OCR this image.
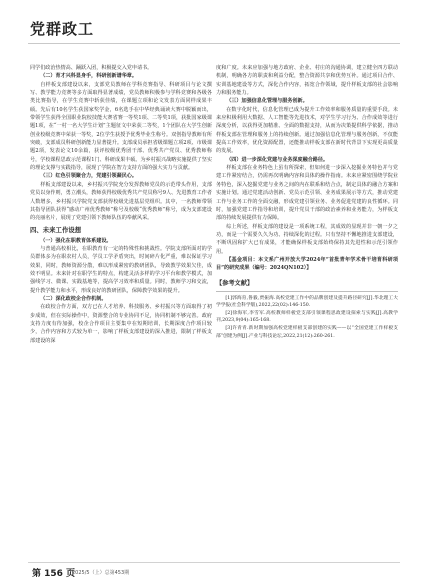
党群政工

同学们政治热情高、踊跃入团，积极提交入党申请书。

（二）育才兴科显身手，科研创新谱华章。

自样板支部建设以来，支部党员教师在学科竞赛指导、科研项目与论文撰写、教学能力竞赛等多方面取得显著成绩，党员教师积极参与学科竞赛和各级各类比赛指导，在学生竞赛中斩获佳绩，在课题立项和论文发表方面同样成果丰硕。先后有10名学生获国家奖学金，6名选手在中华经典诵读大赛中脱颖而出，带领学生获得全国职业院校技能大赛省赛一等奖1项、二等奖1项，获批国家级课题1项，在“一村一名大学生计划”主题征文中荣获二等奖，1个团队在大学生创新创业校级竞赛中荣获一等奖，2位学生获授予优秀毕业生称号。双创指导教师有所突破，支部成员科研创新能力显著提升。支部成员承担省级课题立项2项、市级课题2项，发表论文10余篇，获评校级优秀团干部、优秀共产党员、优秀教师称号，学校课程思政示范课程1门、科研成果丰硕。为乡村振兴战略实施提供了坚实的理论支撑与实践指导，展现了学院在智力支持方面的强大实力与贡献。

（三）红色引领聚合力，党建引领凝民心。

样板支部建设以来，乡村振兴学院充分发挥教师党员的示范带头作用，支部党员以身作则，勇立潮头，教师获得校级优秀共产党员称号9人、先进教育工作者人数增多，乡村振兴学院党支部获得校级先进基层党组织。其中，一名教师带领其指导团队获得“感动广州优秀教师”称号及校级“优秀教师”称号，成为支部建设的亮丽名片，展现了党建引领下教师队伍的奉献风采。

四、未来工作设想

（一）强化在职教育体系建设。

与普通高校相比，在职教育有一定的特殊性和挑战性。学院支部所面对的学员群体多为在职农村人员，学员工学矛盾突出，时间碎片化严重，难以保证学习效果，同时，教师资源分散，难以形成紧密的教研团队，导致教学效果欠佳，成效不明显。未来针对在职学生的特点，构建灵活多样的学习平台和教学模式，加强线学习、微课、实践基地等，提高学习效率和质量。同时，教师学习和交流，提升教学能力和水平，形成良好的教研团队，保障教学效果的提升。

（二）深化政校企合作机制。

在政校合作方面，双方已在人才培养、科技服务、乡村振兴等方面取得了初步成效，但在实际操作中，资源整合的专业协同不足，协同机制不够完善。政府支持力度有待加强，校企合作项目主要集中在短期培训，长期深度合作项目较少，合作内容和方式较为单一，影响了样板支部建设的深入推进，限制了样板支部建设的深

度和广度。未来应加强与地方政府、企业、村庄的沟通协调，建立健全四方联动机制，明确各方的职责和利益分配，整合资源共享和优势互补。通过项目合作、实训基地建设等方式，深化合作内容，拓宽合作领域，提升样板支部的社会影响力和服务能力。

（三）加强信息化管理与服务创新。

在数字化时代，信息化管理已成为提升工作效率和服务质量的重要手段。未来应积极利用大数据、人工智能等先进技术，对学生学习行为、合作成效等进行深度分析，以获得更加精准、全面的数据支持，从而为决策提供科学依据，推动样板支部在管理和服务上的持续创新。通过加强信息化管理与服务创新，不仅能提高工作效率，优化资源配置，还能推动样板支部在新时代背景下实现更高质量的发展。

（四）进一步深化党建与业务深度融合路径。

样板支部在业务特色上虽有所探索，但如何进一步深入挖掘业务特色并与党建工作紧密结合，仍需再次明确内容和具体的操作指南。未来应紧密围绕学院业务特色，深入挖掘党建与业务之间的内在联系和结合点，制定具体的融合方案和实施计划。通过党建活动创新、党员示范引领、业务成果展示等方式，推动党建工作与业务工作的全面交融，形成党建引领业务、业务促进党建的良性循环。同时，加强党建工作指导和培训，提升党员干部的政治素养和业务能力，为样板支部的持续发展提供有力保障。

综上所述，样板支部的建设是一项系统工程，其成效的显现并非一朝一夕之功，而是一个需要久久为功、持续深化的过程。只有坚持不懈地推进支部建设，不断巩固和扩大已有成果，才能确保样板支部始终保持其先进性和示范引领作用。

【基金项目：本文系广州开放大学2024年“首批青年学术骨干培育科研项目”的研究成果（编号：2024QN102）】

【参考文献】

[1]郭海育,鲁毅,贾振海.高校党建工作中的品牌创建及提升路径研究[J].华北理工大学学报(社会科学版),2022,22(02):146-150.

[2]徐海军,李雪军.高校教师样板党支部引领课程思政建设探索与实践[J].高教学刊,2023,9(04):165-168.

[3]许青青.新时期加强高校党建样板支部创建的实践——以“全国党建工作样板支部”创建为例[J].产业与科技论坛,2022,21(12):260-261.

第 156 页
2025/5（上）总第453期
